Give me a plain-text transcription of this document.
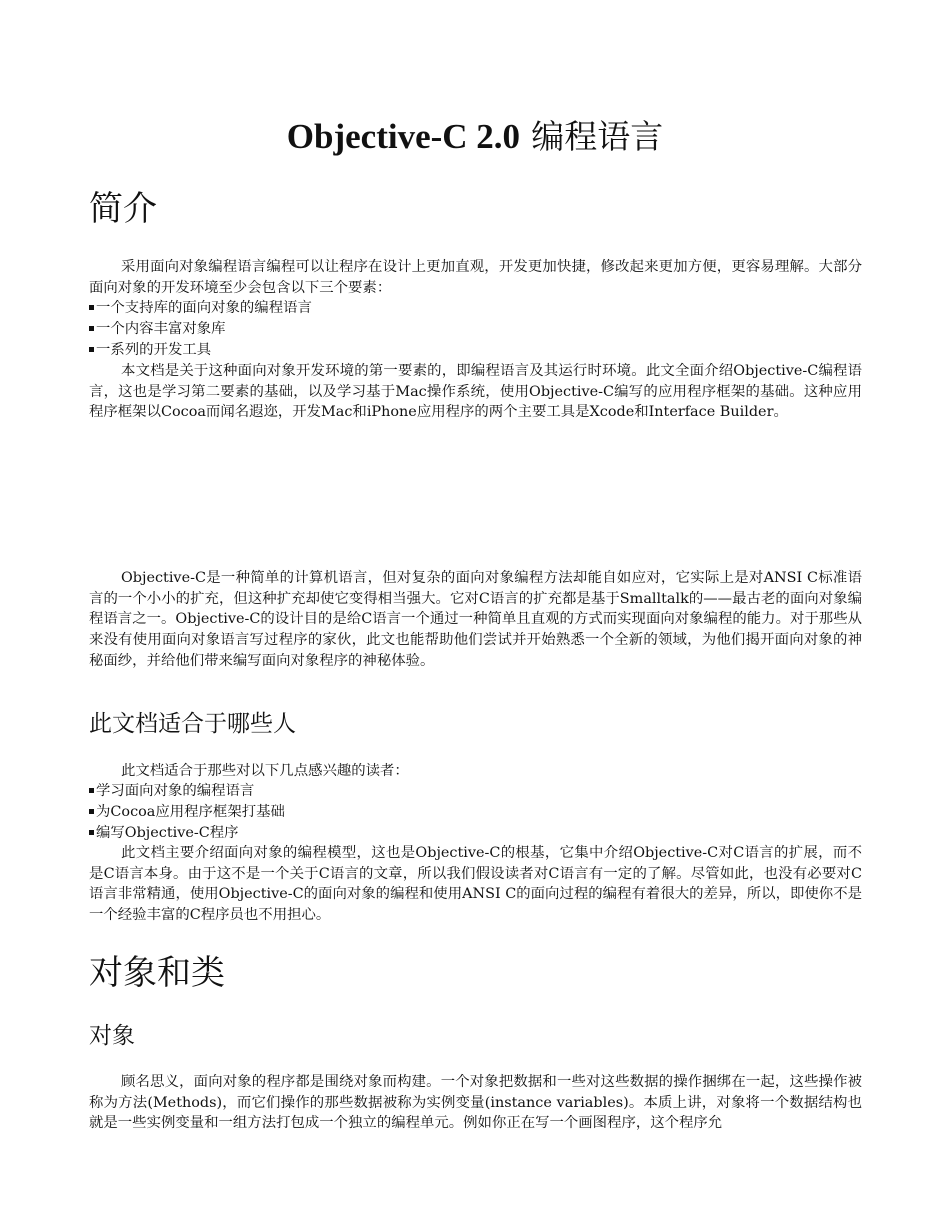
Objective-C 2.0 编程语言
简介

采用面向对象编程语言编程可以让程序在设计上更加直观，开发更加快捷，修改起来更加方便，更容易理解。大部分面向对象的开发环境至少会包含以下三个要素：

一个支持库的面向对象的编程语言
一个内容丰富对象库
一系列的开发工具

本文档是关于这种面向对象开发环境的第一要素的，即编程语言及其运行时环境。此文全面介绍Objective-C编程语言，这也是学习第二要素的基础，以及学习基于Mac操作系统，使用Objective-C编写的应用程序框架的基础。这种应用程序框架以Cocoa而闻名遐迩，开发Mac和iPhone应用程序的两个主要工具是Xcode和Interface Builder。

Objective-C是一种简单的计算机语言，但对复杂的面向对象编程方法却能自如应对，它实际上是对ANSI C标准语言的一个小小的扩充，但这种扩充却使它变得相当强大。它对C语言的扩充都是基于Smalltalk的——最古老的面向对象编程语言之一。Objective-C的设计目的是给C语言一个通过一种简单且直观的方式而实现面向对象编程的能力。对于那些从来没有使用面向对象语言写过程序的家伙，此文也能帮助他们尝试并开始熟悉一个全新的领域，为他们揭开面向对象的神秘面纱，并给他们带来编写面向对象程序的神秘体验。

此文档适合于哪些人

此文档适合于那些对以下几点感兴趣的读者：

学习面向对象的编程语言
为Cocoa应用程序框架打基础
编写Objective-C程序

此文档主要介绍面向对象的编程模型，这也是Objective-C的根基，它集中介绍Objective-C对C语言的扩展，而不是C语言本身。由于这不是一个关于C语言的文章，所以我们假设读者对C语言有一定的了解。尽管如此，也没有必要对C语言非常精通，使用Objective-C的面向对象的编程和使用ANSI C的面向过程的编程有着很大的差异，所以，即使你不是一个经验丰富的C程序员也不用担心。

对象和类
对象

顾名思义，面向对象的程序都是围绕对象而构建。一个对象把数据和一些对这些数据的操作捆绑在一起，这些操作被称为方法(Methods)，而它们操作的那些数据被称为实例变量(instance variables)。本质上讲，对象将一个数据结构也就是一些实例变量和一组方法打包成一个独立的编程单元。例如你正在写一个画图程序，这个程序允
